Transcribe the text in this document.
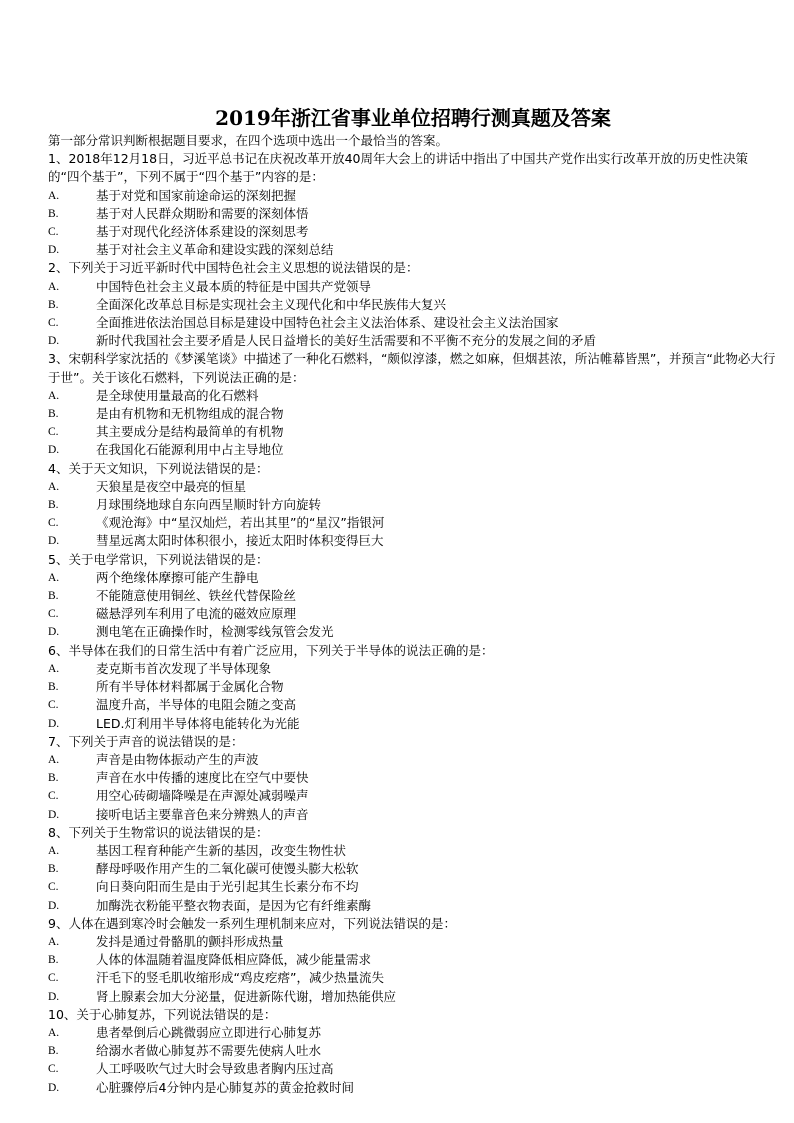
2019年浙江省事业单位招聘行测真题及答案

第一部分常识判断根据题目要求，在四个选项中选出一个最恰当的答案。

1、2018年12月18日，习近平总书记在庆祝改革开放40周年大会上的讲话中指出了中国共产党作出实行改革开放的历史性决策的“四个基于”，下列不属于“四个基于”内容的是：

A.	基于对党和国家前途命运的深刻把握
B.	基于对人民群众期盼和需要的深刻体悟
C.	基于对现代化经济体系建设的深刻思考
D.	基于对社会主义革命和建设实践的深刻总结

2、下列关于习近平新时代中国特色社会主义思想的说法错误的是：

A.	中国特色社会主义最本质的特征是中国共产党领导
B.	全面深化改革总目标是实现社会主义现代化和中华民族伟大复兴
C.	全面推进依法治国总目标是建设中国特色社会主义法治体系、建设社会主义法治国家
D.	新时代我国社会主要矛盾是人民日益增长的美好生活需要和不平衡不充分的发展之间的矛盾

3、宋朝科学家沈括的《梦溪笔谈》中描述了一种化石燃料，“颇似淳漆，燃之如麻，但烟甚浓，所沾帷幕皆黑”，并预言“此物必大行于世”。关于该化石燃料，下列说法正确的是：

A.	是全球使用量最高的化石燃料
B.	是由有机物和无机物组成的混合物
C.	其主要成分是结构最简单的有机物
D.	在我国化石能源利用中占主导地位

4、关于天文知识，下列说法错误的是：

A.	天狼星是夜空中最亮的恒星
B.	月球围绕地球自东向西呈顺时针方向旋转
C.	《观沧海》中“星汉灿烂，若出其里”的“星汉”指银河
D.	彗星远离太阳时体积很小，接近太阳时体积变得巨大

5、关于电学常识，下列说法错误的是：

A.	两个绝缘体摩擦可能产生静电
B.	不能随意使用铜丝、铁丝代替保险丝
C.	磁悬浮列车利用了电流的磁效应原理
D.	测电笔在正确操作时，检测零线氖管会发光

6、半导体在我们的日常生活中有着广泛应用，下列关于半导体的说法正确的是：

A.	麦克斯韦首次发现了半导体现象
B.	所有半导体材料都属于金属化合物
C.	温度升高，半导体的电阻会随之变高
D.	LED.灯利用半导体将电能转化为光能

7、下列关于声音的说法错误的是：

A.	声音是由物体振动产生的声波
B.	声音在水中传播的速度比在空气中要快
C.	用空心砖砌墙降噪是在声源处减弱噪声
D.	接听电话主要靠音色来分辨熟人的声音

8、下列关于生物常识的说法错误的是：

A.	基因工程育种能产生新的基因，改变生物性状
B.	酵母呼吸作用产生的二氧化碳可使馒头膨大松软
C.	向日葵向阳而生是由于光引起其生长素分布不均
D.	加酶洗衣粉能平整衣物表面，是因为它有纤维素酶

9、人体在遇到寒冷时会触发一系列生理机制来应对，下列说法错误的是：

A.	发抖是通过骨骼肌的颤抖形成热量
B.	人体的体温随着温度降低相应降低，减少能量需求
C.	汗毛下的竖毛肌收缩形成“鸡皮疙瘩”，减少热量流失
D.	肾上腺素会加大分泌量，促进新陈代谢，增加热能供应

10、关于心肺复苏，下列说法错误的是：

A.	患者晕倒后心跳微弱应立即进行心肺复苏
B.	给溺水者做心肺复苏不需要先使病人吐水
C.	人工呼吸吹气过大时会导致患者胸内压过高
D.	心脏骤停后4分钟内是心肺复苏的黄金抢救时间
